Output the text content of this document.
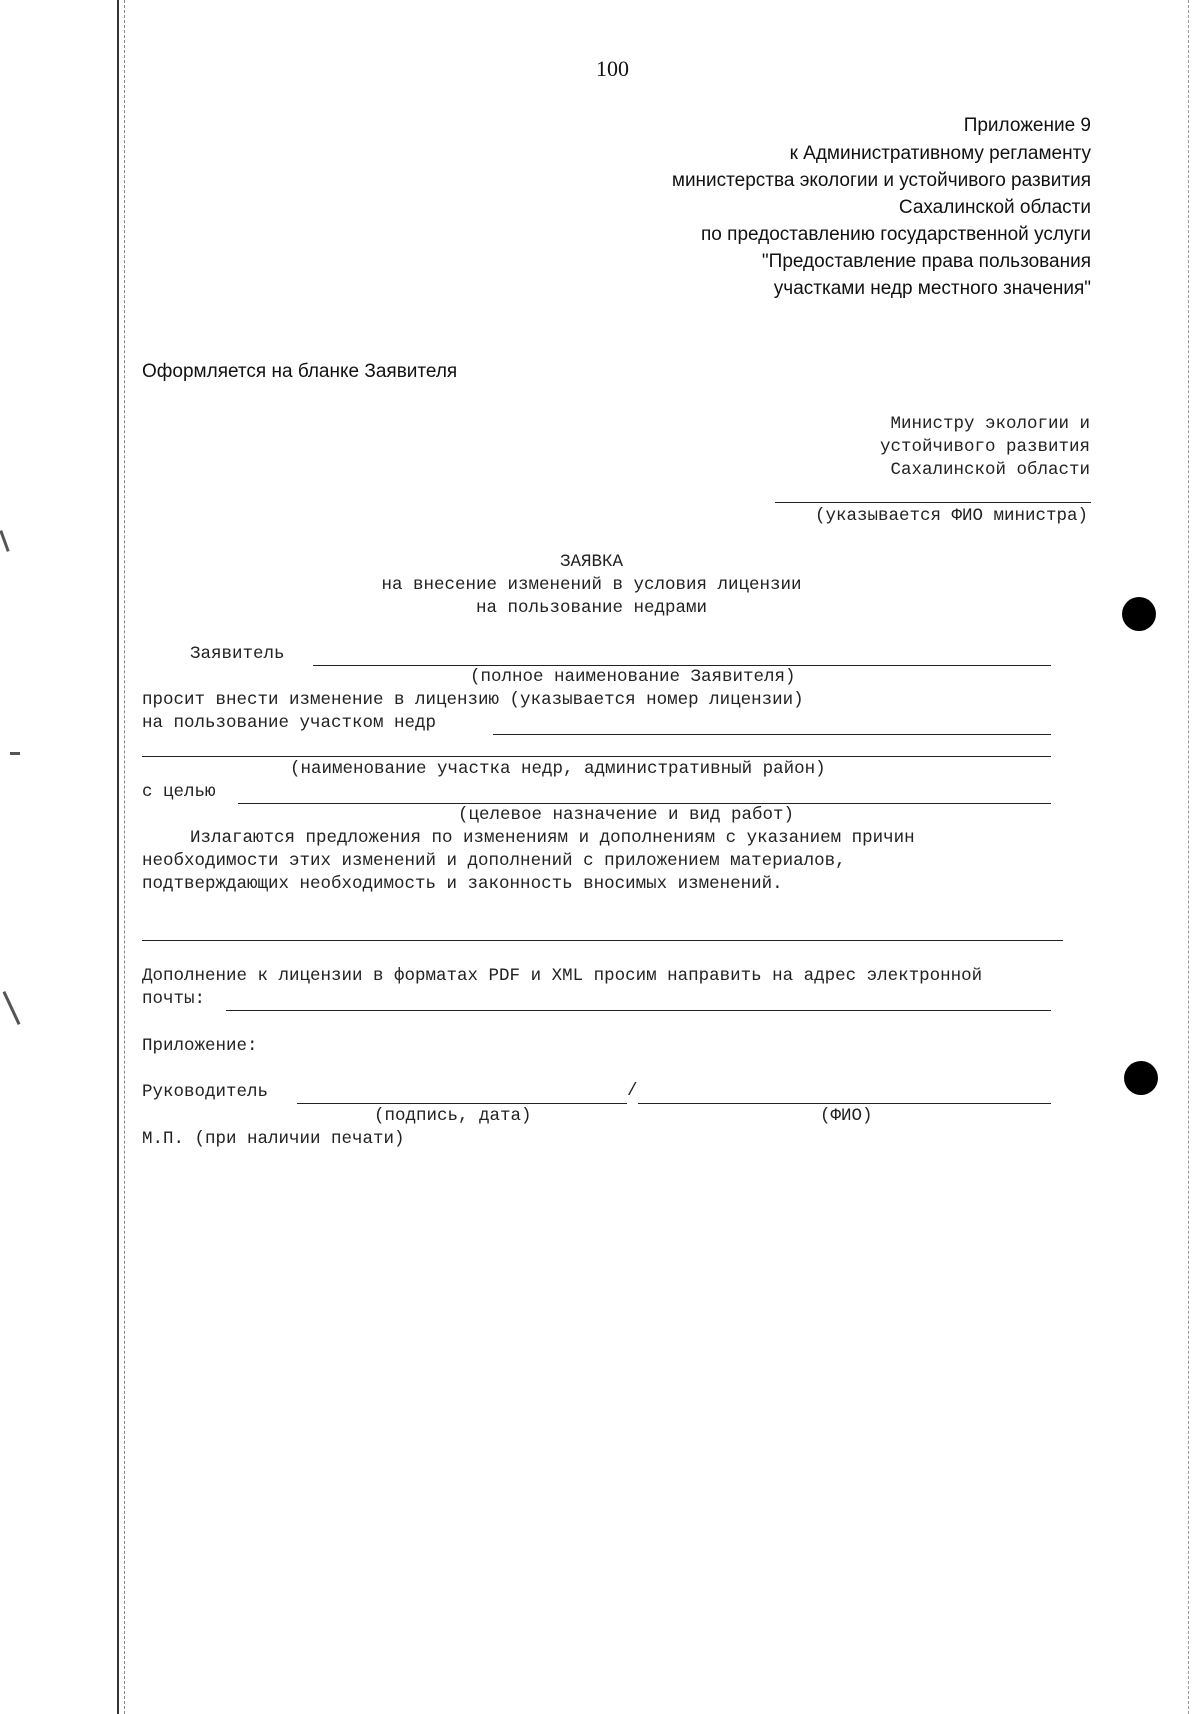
100
Приложение 9
к Административному регламенту
министерства экологии и устойчивого развития
Сахалинской области
по предоставлению государственной услуги
"Предоставление права пользования
участками недр местного значения"
Оформляется на бланке Заявителя
Министру экологии и
устойчивого развития
Сахалинской области
(указывается ФИО министра)
ЗАЯВКА
на внесение изменений в условия лицензии
на пользование недрами
Заявитель
(полное наименование Заявителя)
просит внести изменение в лицензию (указывается номер лицензии)
на пользование участком недр
(наименование участка недр, административный район)
с целью
(целевое назначение и вид работ)
Излагаются предложения по изменениям и дополнениям с указанием причин
необходимости этих изменений и дополнений с приложением материалов,
подтверждающих необходимость и законность вносимых изменений.
Дополнение к лицензии в форматах PDF и XML просим направить на адрес электронной
почты:
Приложение:
Руководитель	/
(подпись, дата)	(ФИО)
М.П. (при наличии печати)
